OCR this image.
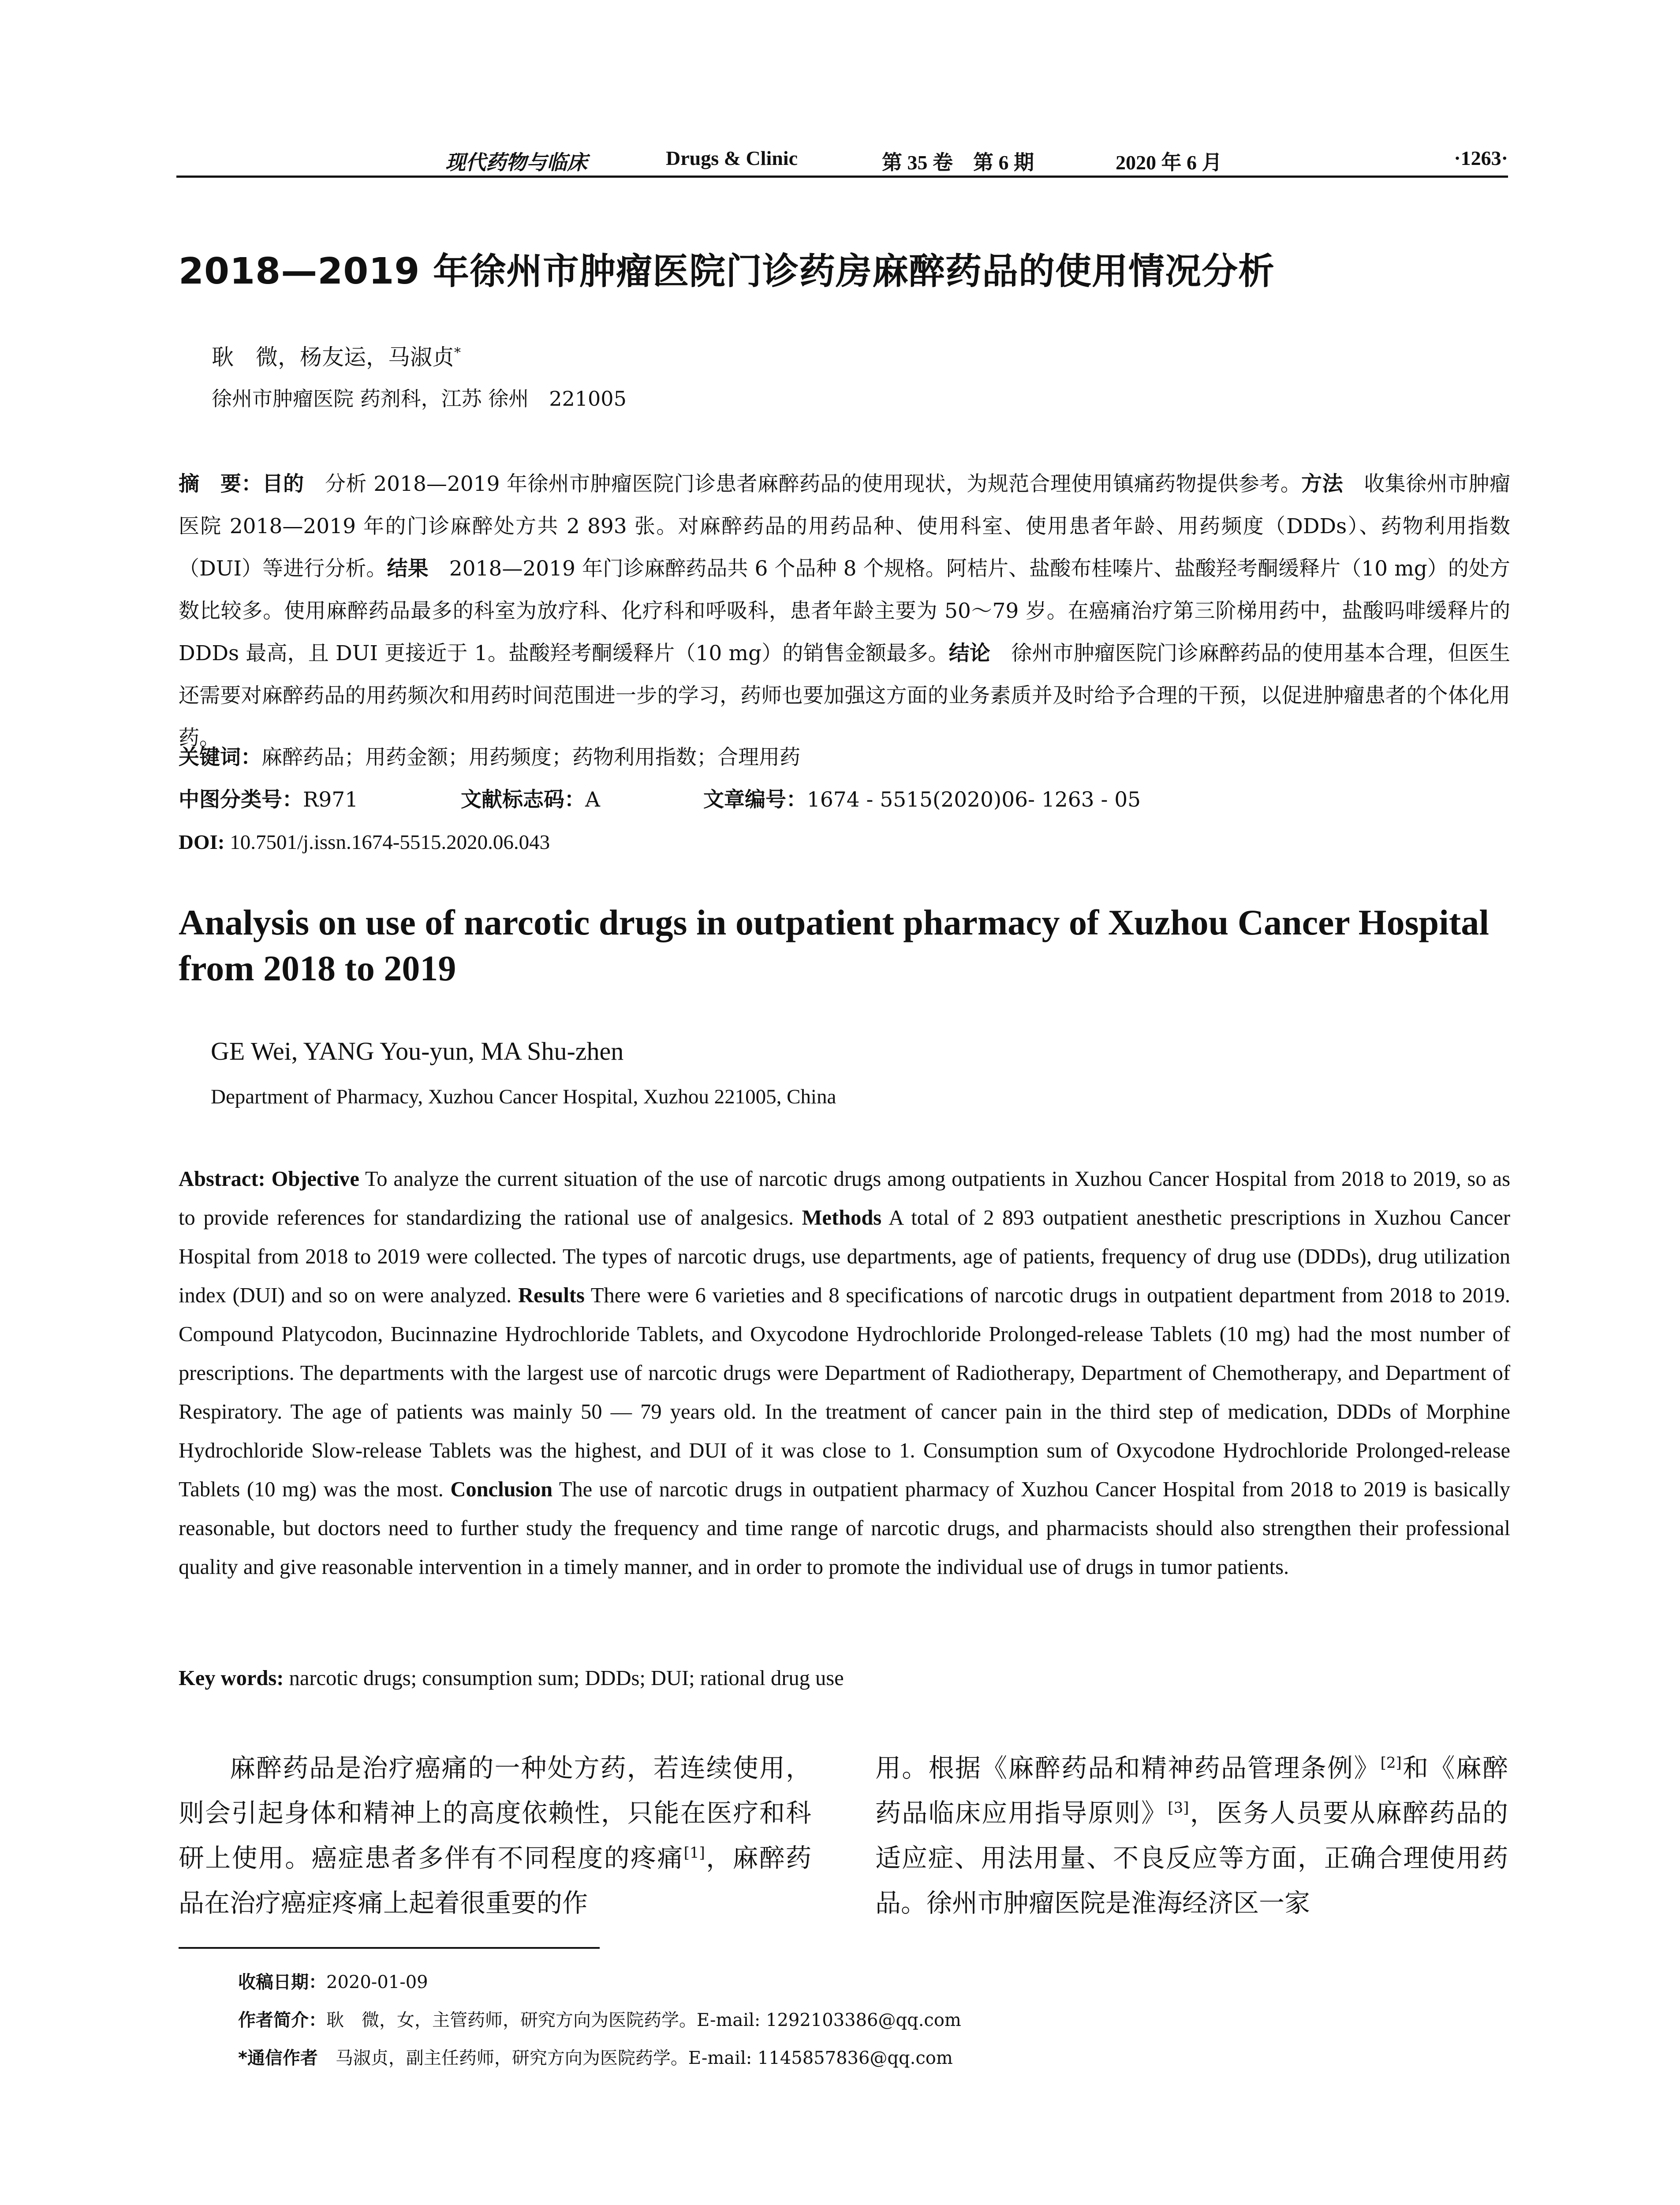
现代药物与临床	Drugs & Clinic	第 35 卷　第 6 期	2020 年 6 月	·1263·
2018—2019 年徐州市肿瘤医院门诊药房麻醉药品的使用情况分析
耿　微，杨友运，马淑贞*
徐州市肿瘤医院 药剂科，江苏 徐州　221005
摘　要：目的　分析 2018—2019 年徐州市肿瘤医院门诊患者麻醉药品的使用现状，为规范合理使用镇痛药物提供参考。方法　收集徐州市肿瘤医院 2018—2019 年的门诊麻醉处方共 2 893 张。对麻醉药品的用药品种、使用科室、使用患者年龄、用药频度（DDDs）、药物利用指数（DUI）等进行分析。结果　2018—2019 年门诊麻醉药品共 6 个品种 8 个规格。阿桔片、盐酸布桂嗪片、盐酸羟考酮缓释片（10 mg）的处方数比较多。使用麻醉药品最多的科室为放疗科、化疗科和呼吸科，患者年龄主要为 50～79 岁。在癌痛治疗第三阶梯用药中，盐酸吗啡缓释片的 DDDs 最高，且 DUI 更接近于 1。盐酸羟考酮缓释片（10 mg）的销售金额最多。结论　徐州市肿瘤医院门诊麻醉药品的使用基本合理，但医生还需要对麻醉药品的用药频次和用药时间范围进一步的学习，药师也要加强这方面的业务素质并及时给予合理的干预，以促进肿瘤患者的个体化用药。
关键词：麻醉药品；用药金额；用药频度；药物利用指数；合理用药
中图分类号：R971	文献标志码：A	文章编号：1674 - 5515(2020)06- 1263 - 05
DOI: 10.7501/j.issn.1674-5515.2020.06.043
Analysis on use of narcotic drugs in outpatient pharmacy of Xuzhou Cancer Hospital from 2018 to 2019
GE Wei, YANG You-yun, MA Shu-zhen
Department of Pharmacy, Xuzhou Cancer Hospital, Xuzhou 221005, China
Abstract: Objective To analyze the current situation of the use of narcotic drugs among outpatients in Xuzhou Cancer Hospital from 2018 to 2019, so as to provide references for standardizing the rational use of analgesics. Methods A total of 2 893 outpatient anesthetic prescriptions in Xuzhou Cancer Hospital from 2018 to 2019 were collected. The types of narcotic drugs, use departments, age of patients, frequency of drug use (DDDs), drug utilization index (DUI) and so on were analyzed. Results There were 6 varieties and 8 specifications of narcotic drugs in outpatient department from 2018 to 2019. Compound Platycodon, Bucinnazine Hydrochloride Tablets, and Oxycodone Hydrochloride Prolonged-release Tablets (10 mg) had the most number of prescriptions. The departments with the largest use of narcotic drugs were Department of Radiotherapy, Department of Chemotherapy, and Department of Respiratory. The age of patients was mainly 50 — 79 years old. In the treatment of cancer pain in the third step of medication, DDDs of Morphine Hydrochloride Slow-release Tablets was the highest, and DUI of it was close to 1. Consumption sum of Oxycodone Hydrochloride Prolonged-release Tablets (10 mg) was the most. Conclusion The use of narcotic drugs in outpatient pharmacy of Xuzhou Cancer Hospital from 2018 to 2019 is basically reasonable, but doctors need to further study the frequency and time range of narcotic drugs, and pharmacists should also strengthen their professional quality and give reasonable intervention in a timely manner, and in order to promote the individual use of drugs in tumor patients.
Key words: narcotic drugs; consumption sum; DDDs; DUI; rational drug use
麻醉药品是治疗癌痛的一种处方药，若连续使用，则会引起身体和精神上的高度依赖性，只能在医疗和科研上使用。癌症患者多伴有不同程度的疼痛[1]，麻醉药品在治疗癌症疼痛上起着很重要的作
用。根据《麻醉药品和精神药品管理条例》[2]和《麻醉药品临床应用指导原则》[3]，医务人员要从麻醉药品的适应症、用法用量、不良反应等方面，正确合理使用药品。徐州市肿瘤医院是淮海经济区一家
收稿日期：2020-01-09
作者简介：耿　微，女，主管药师，研究方向为医院药学。E-mail: 1292103386@qq.com
*通信作者　马淑贞，副主任药师，研究方向为医院药学。E-mail: 1145857836@qq.com
